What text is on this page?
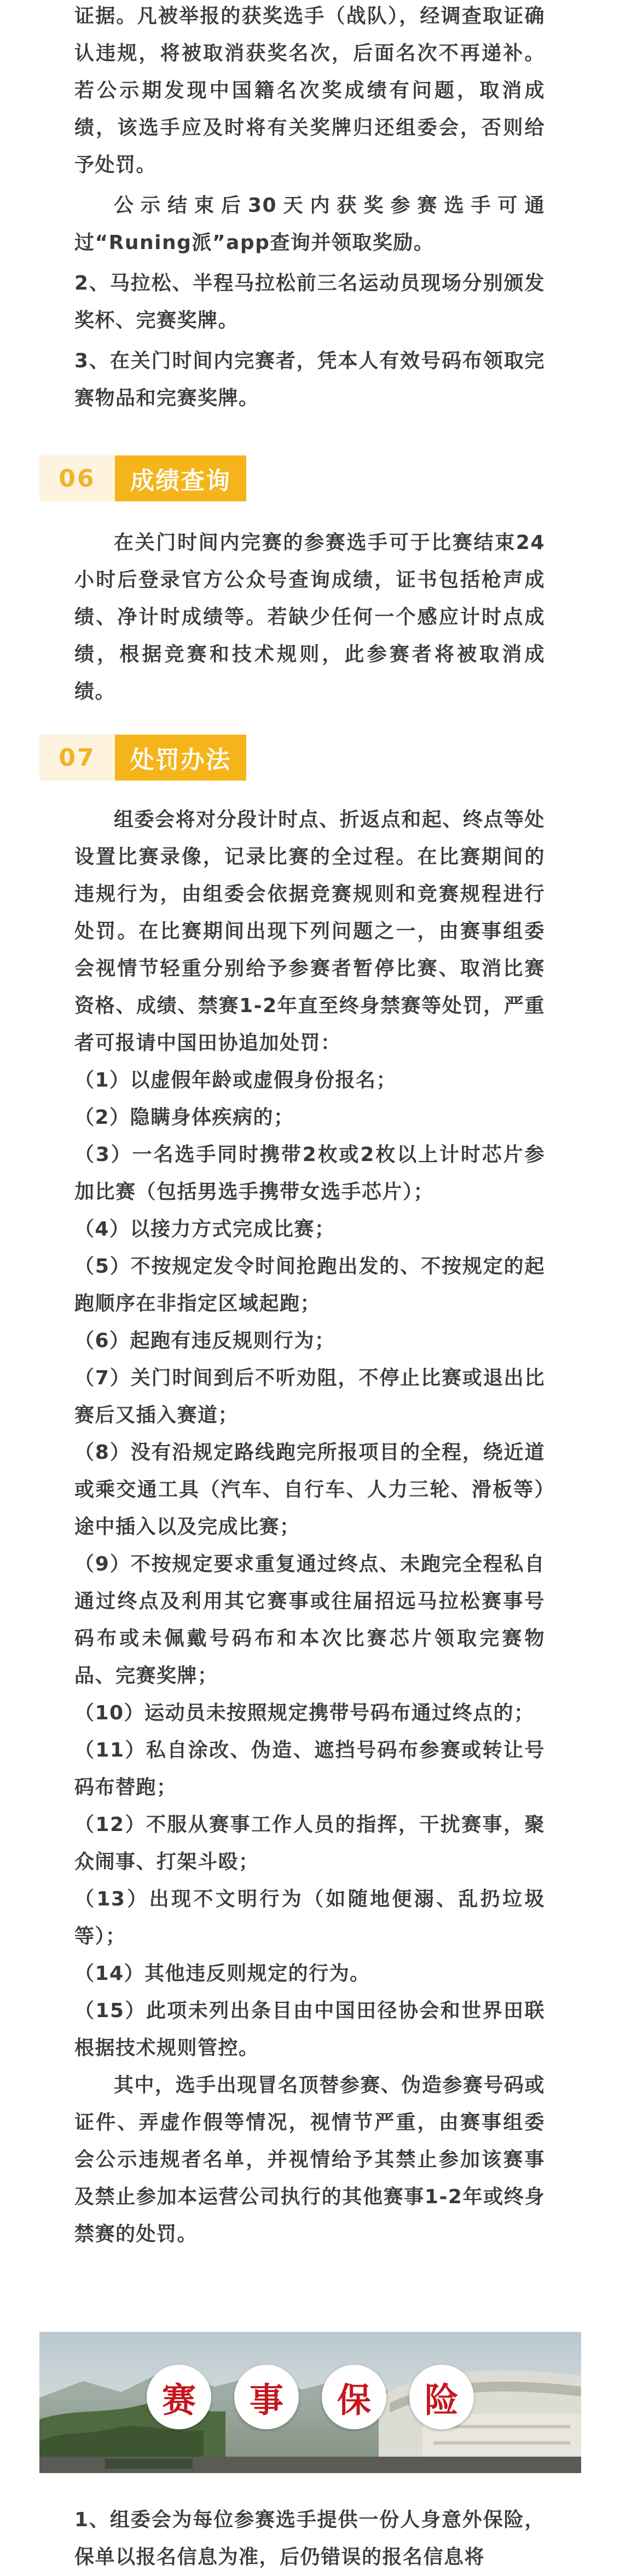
证据。凡被举报的获奖选手（战队），经调查取证确认违规，将被取消获奖名次，后面名次不再递补。若公示期发现中国籍名次奖成绩有问题，取消成绩，该选手应及时将有关奖牌归还组委会，否则给予处罚。

公示结束后30天内获奖参赛选手可通过“Runing派”app查询并领取奖励。

2、马拉松、半程马拉松前三名运动员现场分别颁发奖杯、完赛奖牌。

3、在关门时间内完赛者，凭本人有效号码布领取完赛物品和完赛奖牌。

06	成绩查询

在关门时间内完赛的参赛选手可于比赛结束24小时后登录官方公众号查询成绩，证书包括枪声成绩、净计时成绩等。若缺少任何一个感应计时点成绩，根据竞赛和技术规则，此参赛者将被取消成绩。

07	处罚办法

组委会将对分段计时点、折返点和起、终点等处设置比赛录像，记录比赛的全过程。在比赛期间的违规行为，由组委会依据竞赛规则和竞赛规程进行处罚。在比赛期间出现下列问题之一，由赛事组委会视情节轻重分别给予参赛者暂停比赛、取消比赛资格、成绩、禁赛1-2年直至终身禁赛等处罚，严重者可报请中国田协追加处罚：

（1）以虚假年龄或虚假身份报名；

（2）隐瞒身体疾病的；

（3）一名选手同时携带2枚或2枚以上计时芯片参加比赛（包括男选手携带女选手芯片）；

（4）以接力方式完成比赛；

（5）不按规定发令时间抢跑出发的、不按规定的起跑顺序在非指定区域起跑；

（6）起跑有违反规则行为；

（7）关门时间到后不听劝阻，不停止比赛或退出比赛后又插入赛道；

（8）没有沿规定路线跑完所报项目的全程，绕近道或乘交通工具（汽车、自行车、人力三轮、滑板等）途中插入以及完成比赛；

（9）不按规定要求重复通过终点、未跑完全程私自通过终点及利用其它赛事或往届招远马拉松赛事号码布或未佩戴号码布和本次比赛芯片领取完赛物品、完赛奖牌；

（10）运动员未按照规定携带号码布通过终点的；

（11）私自涂改、伪造、遮挡号码布参赛或转让号码布替跑；

（12）不服从赛事工作人员的指挥，干扰赛事，聚众闹事、打架斗殴；

（13）出现不文明行为（如随地便溺、乱扔垃圾等）；

（14）其他违反则规定的行为。

（15）此项未列出条目由中国田径协会和世界田联根据技术规则管控。

其中，选手出现冒名顶替参赛、伪造参赛号码或证件、弄虚作假等情况，视情节严重，由赛事组委会公示违规者名单，并视情给予其禁止参加该赛事及禁止参加本运营公司执行的其他赛事1-2年或终身禁赛的处罚。

赛	事	保	险

1、组委会为每位参赛选手提供一份人身意外保险，保单以报名信息为准，后仍错误的报名信息将
